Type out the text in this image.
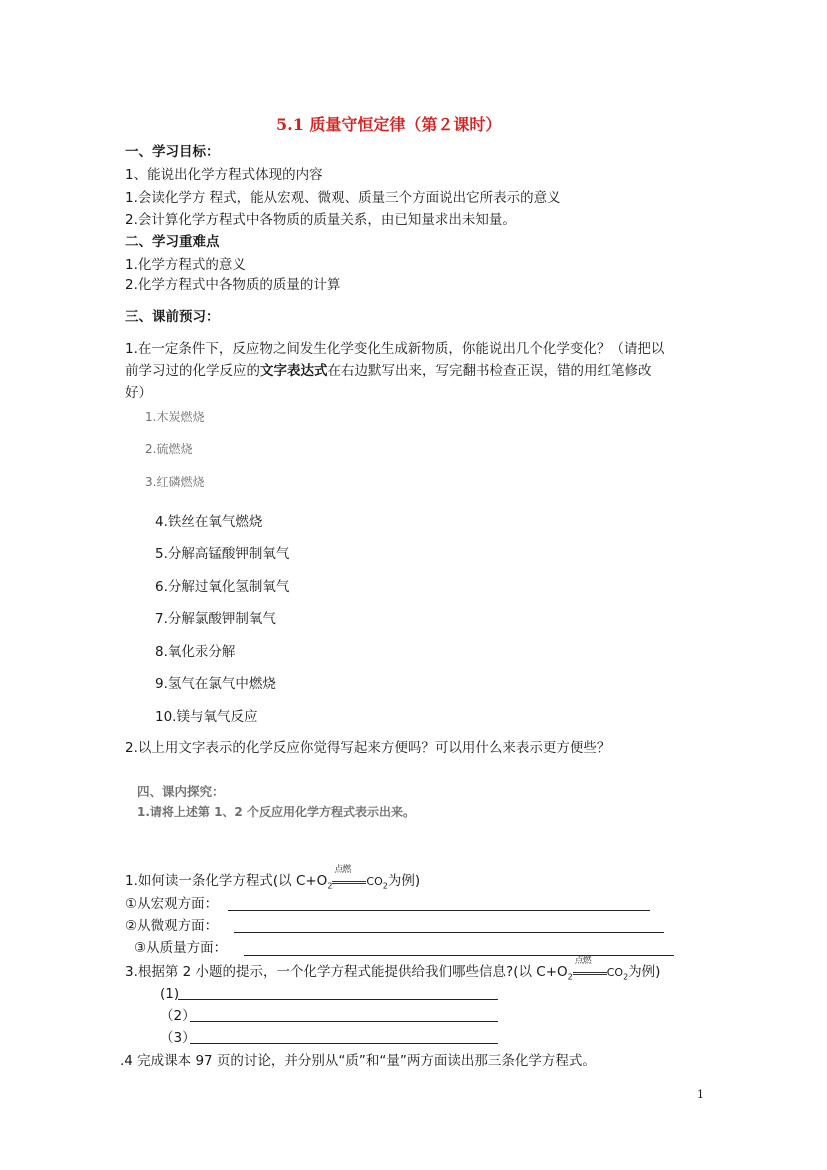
5.1 质量守恒定律（第２课时）
一、学习目标：
1、能说出化学方程式体现的内容
1.会读化学方 程式，能从宏观、微观、质量三个方面说出它所表示的意义
2.会计算化学方程式中各物质的质量关系，由已知量求出未知量。
二、学习重难点
1.化学方程式的意义
2.化学方程式中各物质的质量的计算
三、课前预习：
1.在一定条件下，反应物之间发生化学变化生成新物质，你能说出几个化学变化？（请把以
前学习过的化学反应的文字表达式在右边默写出来，写完翻书检查正误，错的用红笔修改
好）
1.木炭燃烧
2.硫燃烧
3.红磷燃烧
4.铁丝在氧气燃烧
5.分解高锰酸钾制氧气
6.分解过氧化氢制氧气
7.分解氯酸钾制氧气
8.氧化汞分解
9.氢气在氯气中燃烧
10.镁与氧气反应
2.以上用文字表示的化学反应你觉得写起来方便吗？可以用什么来表示更方便些？
四、课内探究：
1.请将上述第 1、2 个反应用化学方程式表示出来。
1.如何读一条化学方程式(以 $C+O_2$
点燃
$CO_2$为例)
①从宏观方面：
②从微观方面：
③从质量方面：
3.根据第 2 小题的提示，一个化学方程式能提供给我们哪些信息?(以 $C+O_2$
点燃
$CO_2$为例)
(1)
（2）
（3）
.4 完成课本 97 页的讨论，并分别从“质”和“量”两方面读出那三条化学方程式。
1
